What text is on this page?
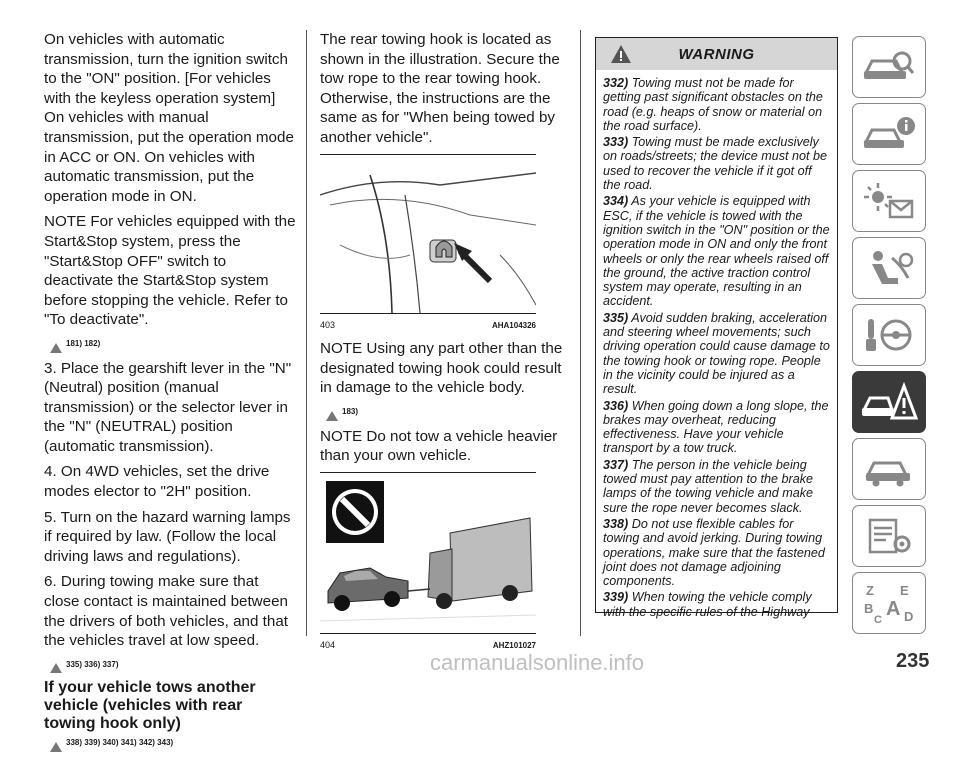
On vehicles with automatic transmission, turn the ignition switch to the "ON" position. [For vehicles with the keyless operation system] On vehicles with manual transmission, put the operation mode in ACC or ON. On vehicles with automatic transmission, put the operation mode in ON.

NOTE For vehicles equipped with the Start&Stop system, press the "Start&Stop OFF" switch to deactivate the Start&Stop system before stopping the vehicle. Refer to "To deactivate".

181) 182)

3. Place the gearshift lever in the "N" (Neutral) position (manual transmission) or the selector lever in the "N" (NEUTRAL) position (automatic transmission).

4. On 4WD vehicles, set the drive modes elector to "2H" position.

5. Turn on the hazard warning lamps if required by law. (Follow the local driving laws and regulations).

6. During towing make sure that close contact is maintained between the drivers of both vehicles, and that the vehicles travel at low speed.

335) 336) 337)
If your vehicle tows another vehicle (vehicles with rear towing hook only)
338) 339) 340) 341) 342) 343)

The rear towing hook is located as shown in the illustration. Secure the tow rope to the rear towing hook. Otherwise, the instructions are the same as for "When being towed by another vehicle".

403	AHA104326

NOTE Using any part other than the designated towing hook could result in damage to the vehicle body.

183)

NOTE Do not tow a vehicle heavier than your own vehicle.

404	AHZ101027
WARNING

332) Towing must not be made for getting past significant obstacles on the road (e.g. heaps of snow or material on the road surface).

333) Towing must be made exclusively on roads/streets; the device must not be used to recover the vehicle if it got off the road.

334) As your vehicle is equipped with ESC, if the vehicle is towed with the ignition switch in the "ON" position or the operation mode in ON and only the front wheels or only the rear wheels raised off the ground, the active traction control system may operate, resulting in an accident.

335) Avoid sudden braking, acceleration and steering wheel movements; such driving operation could cause damage to the towing hook or towing rope. People in the vicinity could be injured as a result.

336) When going down a long slope, the brakes may overheat, reducing effectiveness. Have your vehicle transport by a tow truck.

337) The person in the vehicle being towed must pay attention to the brake lamps of the towing vehicle and make sure the rope never becomes slack.

338) Do not use flexible cables for towing and avoid jerking. During towing operations, make sure that the fastened joint does not damage adjoining components.

339) When towing the vehicle comply with the specific rules of the Highway

Z E
B A
C D
carmanualsonline.info	235
